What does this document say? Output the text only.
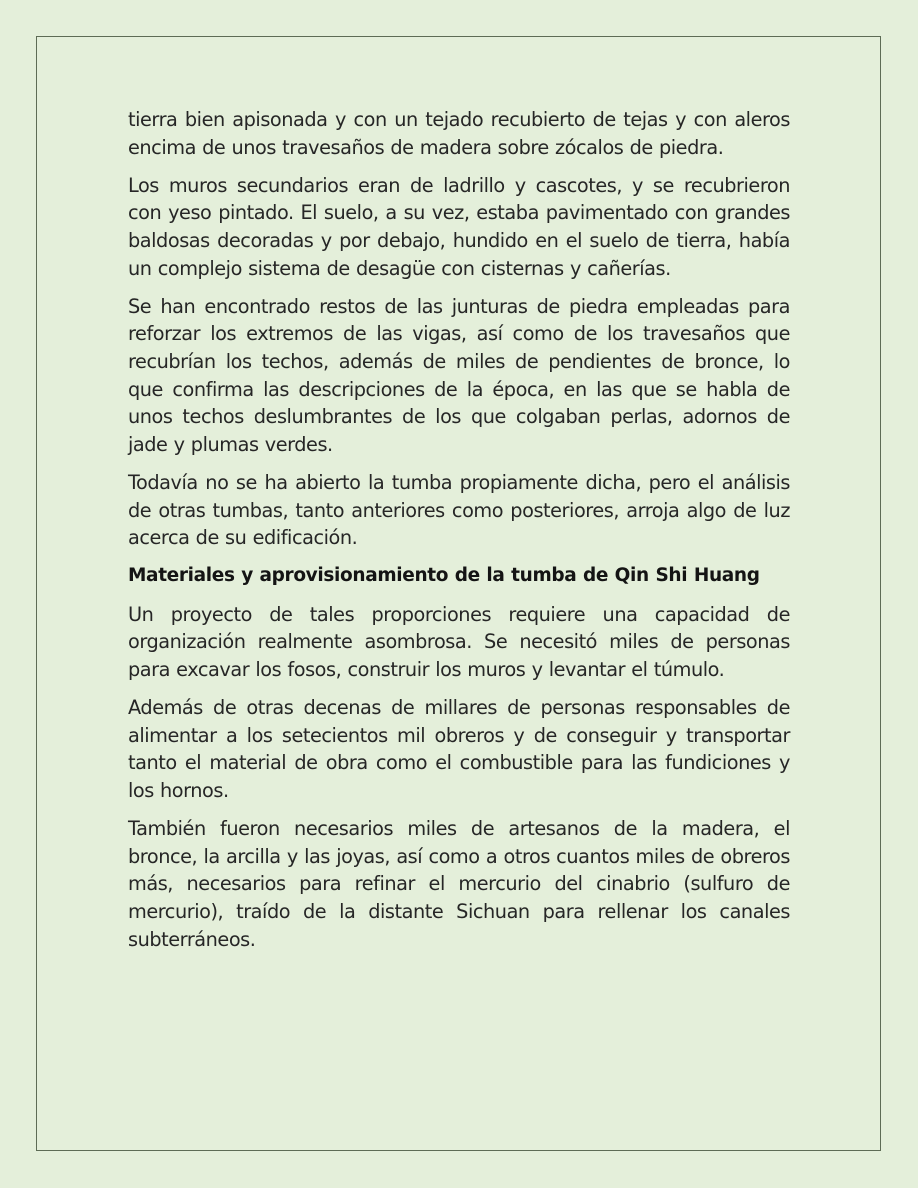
tierra bien apisonada y con un tejado recubierto de tejas y con aleros encima de unos travesaños de madera sobre zócalos de piedra.

Los muros secundarios eran de ladrillo y cascotes, y se recubrieron con yeso pintado. El suelo, a su vez, estaba pavimentado con grandes baldosas decoradas y por debajo, hundido en el suelo de tierra, había un complejo sistema de desagüe con cisternas y cañerías.

Se han encontrado restos de las junturas de piedra empleadas para reforzar los extremos de las vigas, así como de los travesaños que recubrían los techos, además de miles de pendientes de bronce, lo que confirma las descripciones de la época, en las que se habla de unos techos deslumbrantes de los que colgaban perlas, adornos de jade y plumas verdes.

Todavía no se ha abierto la tumba propiamente dicha, pero el análisis de otras tumbas, tanto anteriores como posteriores, arroja algo de luz acerca de su edificación.

Materiales y aprovisionamiento de la tumba de Qin Shi Huang

Un proyecto de tales proporciones requiere una capacidad de organización realmente asombrosa. Se necesitó miles de personas para excavar los fosos, construir los muros y levantar el túmulo.

Además de otras decenas de millares de personas responsables de alimentar a los setecientos mil obreros y de conseguir y transportar tanto el material de obra como el combustible para las fundiciones y los hornos.

También fueron necesarios miles de artesanos de la madera, el bronce, la arcilla y las joyas, así como a otros cuantos miles de obreros más, necesarios para refinar el mercurio del cinabrio (sulfuro de mercurio), traído de la distante Sichuan para rellenar los canales subterráneos.
